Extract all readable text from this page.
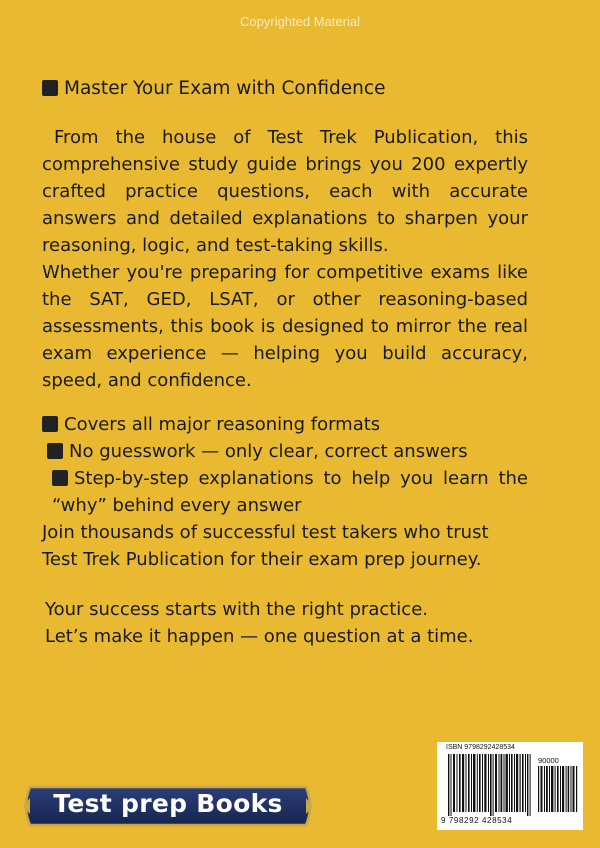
Copyrighted Material
Master Your Exam with Confidence
From the house of Test Trek Publication, this comprehensive study guide brings you 200 expertly crafted practice questions, each with accurate answers and detailed explanations to sharpen your reasoning, logic, and test-taking skills.
Whether you're preparing for competitive exams like the SAT, GED, LSAT, or other reasoning-based assessments, this book is designed to mirror the real exam experience — helping you build accuracy, speed, and confidence.
Covers all major reasoning formats
No guesswork — only clear, correct answers
Step-by-step explanations to help you learn the “why” behind every answer
Join thousands of successful test takers who trust Test Trek Publication for their exam prep journey.
Your success starts with the right practice.
Let’s make it happen — one question at a time.
ISBN 9798292428534
90000
9 798292 428534
Test prep Books
